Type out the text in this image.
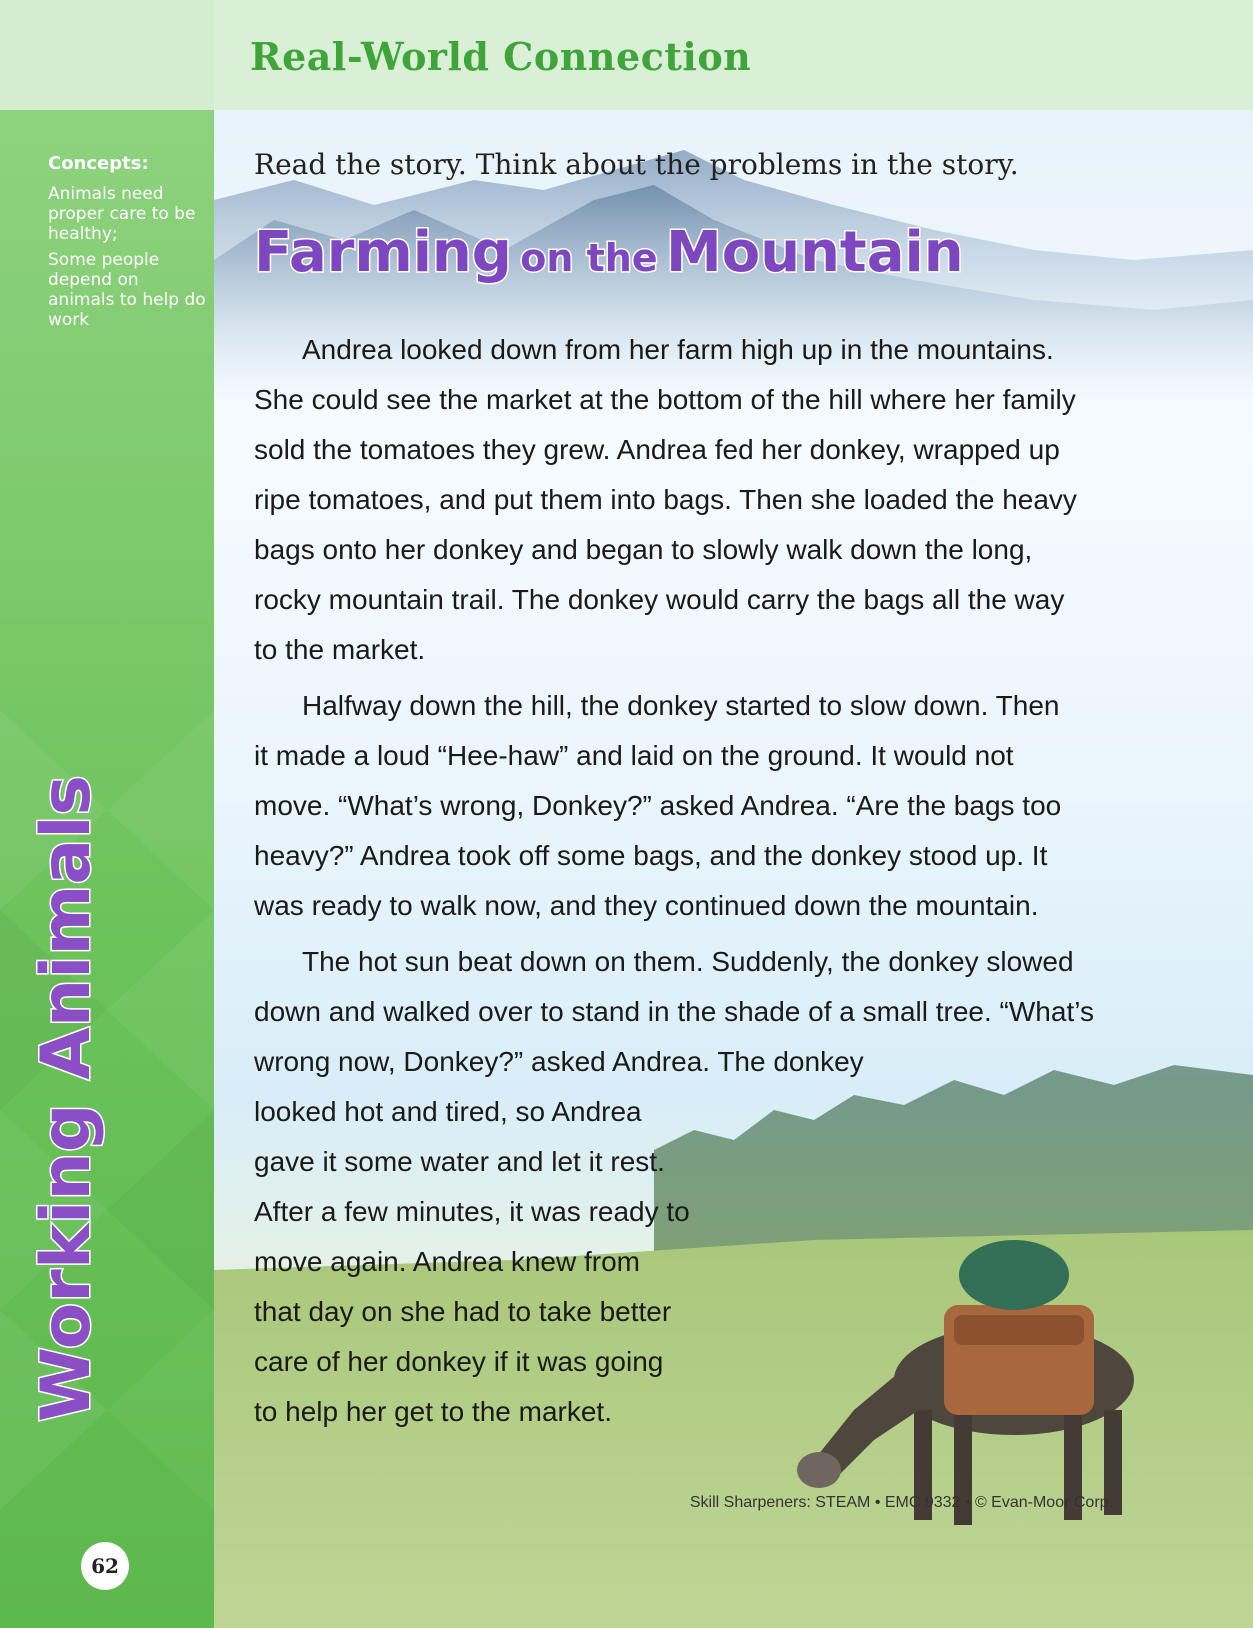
Concepts:
Animals need proper care to be healthy;
Some people depend on animals to help do work
Working Animals
62
Real-World Connection

Read the story. Think about the problems in the story.

Farming on the Mountain

Andrea looked down from her farm high up in the mountains. She could see the market at the bottom of the hill where her family sold the tomatoes they grew. Andrea fed her donkey, wrapped up ripe tomatoes, and put them into bags. Then she loaded the heavy bags onto her donkey and began to slowly walk down the long, rocky mountain trail. The donkey would carry the bags all the way to the market.

Halfway down the hill, the donkey started to slow down. Then it made a loud “Hee-haw” and laid on the ground. It would not move. “What’s wrong, Donkey?” asked Andrea. “Are the bags too heavy?” Andrea took off some bags, and the donkey stood up. It was ready to walk now, and they continued down the mountain.

The hot sun beat down on them. Suddenly, the donkey slowed down and walked over to stand in the shade of a small tree. “What’s wrong now, Donkey?” asked Andrea. The donkey

looked hot and tired, so Andrea gave it some water and let it rest. After a few minutes, it was ready to move again. Andrea knew from that day on she had to take better care of her donkey if it was going to help her get to the market.

Skill Sharpeners: STEAM • EMC 9332 • © Evan-Moor Corp.
